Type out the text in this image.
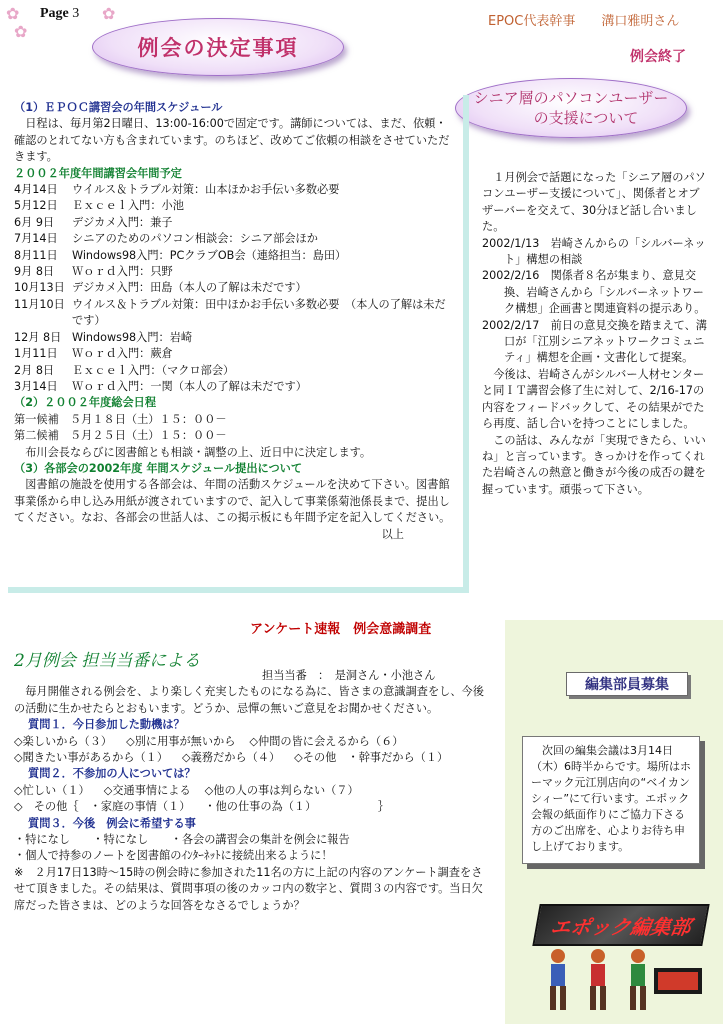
Page 3
✿
✿
✿	EPOC代表幹事　　溝口雅明さん
例会の決定事項	例会終了
シニア層のパソコンユーザー
の支援について
（1）ＥＰＯＣ講習会の年間スケジュール
日程は、毎月第2日曜日、13:00-16:00で固定です。講師については、まだ、依頼・確認のとれてない方も含まれています。のちほど、改めてご依頼の相談をさせていただきます。
２００２年度年間講習会年間予定
4月14日	ウイルス＆トラブル対策：山本ほかお手伝い多数必要
5月12日	Ｅｘｃｅｌ入門：小池
6月 9日	デジカメ入門：兼子
7月14日	シニアのためのパソコン相談会：シニア部会ほか
8月11日	Windows98入門：PCクラブOB会（連絡担当：島田）
9月 8日	Ｗｏｒｄ入門：只野
10月13日 デジカメ入門：田島（本人の了解は未だです）
11月10日 ウイルス＆トラブル対策：田中ほかお手伝い多数必要　（本人の了解は未だです）
12月 8日 Windows98入門：岩崎
1月11日	Ｗｏｒｄ入門：蕨倉
2月 8日	Ｅｘｃｅｌ入門：（マクロ部会）
3月14日	Ｗｏｒｄ入門：一関（本人の了解は未だです）
（2）２００２年度総会日程
第一候補　５月１８日（土）１５：００－
第二候補　５月２５日（土）１５：００－
布川会長ならびに図書館とも相談・調整の上、近日中に決定します。
（3）各部会の2002年度 年間スケジュール提出について
図書館の施設を使用する各部会は、年間の活動スケジュールを決めて下さい。図書館事業係から申し込み用紙が渡されていますので、記入して事業係菊池係長まで、提出してください。なお、各部会の世話人は、この掲示板にも年間予定を記入してください。
以上
１月例会で話題になった「シニア層のパソコンユーザー支援について」、関係者とオブザーバーを交えて、30分ほど話し合いました。
2002/1/13　岩崎さんからの「シルバーネット」構想の相談
2002/2/16　関係者８名が集まり、意見交換、岩崎さんから「シルバーネットワーク構想」企画書と関連資料の提示あり。
2002/2/17　前日の意見交換を踏まえて、溝口が「江別シニアネットワークコミュニティ」構想を企画・文書化して提案。
今後は、岩崎さんがシルバー人材センターと同ＩＴ講習会修了生に対して、2/16-17の内容をフィードバックして、その結果がでたら再度、話し合いを持つことにしました。
この話は、みんなが「実現できたら、いいね」と言っています。きっかけを作ってくれた岩崎さんの熱意と働きが今後の成否の鍵を握っています。頑張って下さい。
アンケート速報　例会意識調査
2月例会 担当当番による
担当当番　：　是洞さん・小池さん
毎月開催される例会を、より楽しく充実したものになる為に、皆さまの意識調査をし、今後の活動に生かせたらとおもいます。どうか、忌憚の無いご意見をお聞かせください。
質問１．今日参加した動機は？
◇楽しいから（３） ◇別に用事が無いから ◇仲間の皆に会えるから（６）
◇聞きたい事があるから（１） ◇義務だから（４） ◇その他　・幹事だから（１）
質問２．不参加の人については？
◇忙しい（１） ◇交通事情による ◇他の人の事は判らない（７）
◇　その他｛　・家庭の事情（１） ・他の仕事の為（１）　　　　　　｝
質問３．今後　例会に希望する事
・特になし　　・特になし　　・各会の講習会の集計を例会に報告
・個人で持参のノートを図書館のｲﾝﾀｰﾈｯﾄに接続出来るように！
※　２月17日13時～15時の例会時に参加された11名の方に上記の内容のアンケート調査をさせて頂きました。その結果は、質問事項の後のカッコ内の数字と、質問３の内容です。当日欠席だった皆さまは、どのような回答をなさるでしょうか？
編集部員募集
次回の編集会議は3月14日（木）6時半からです。場所はホーマック元江別店向の“ベイカンシィー”にて行います。エポック会報の紙面作りにご協力下さる方のご出席を、心よりお待ち申し上げております。
エポック編集部
